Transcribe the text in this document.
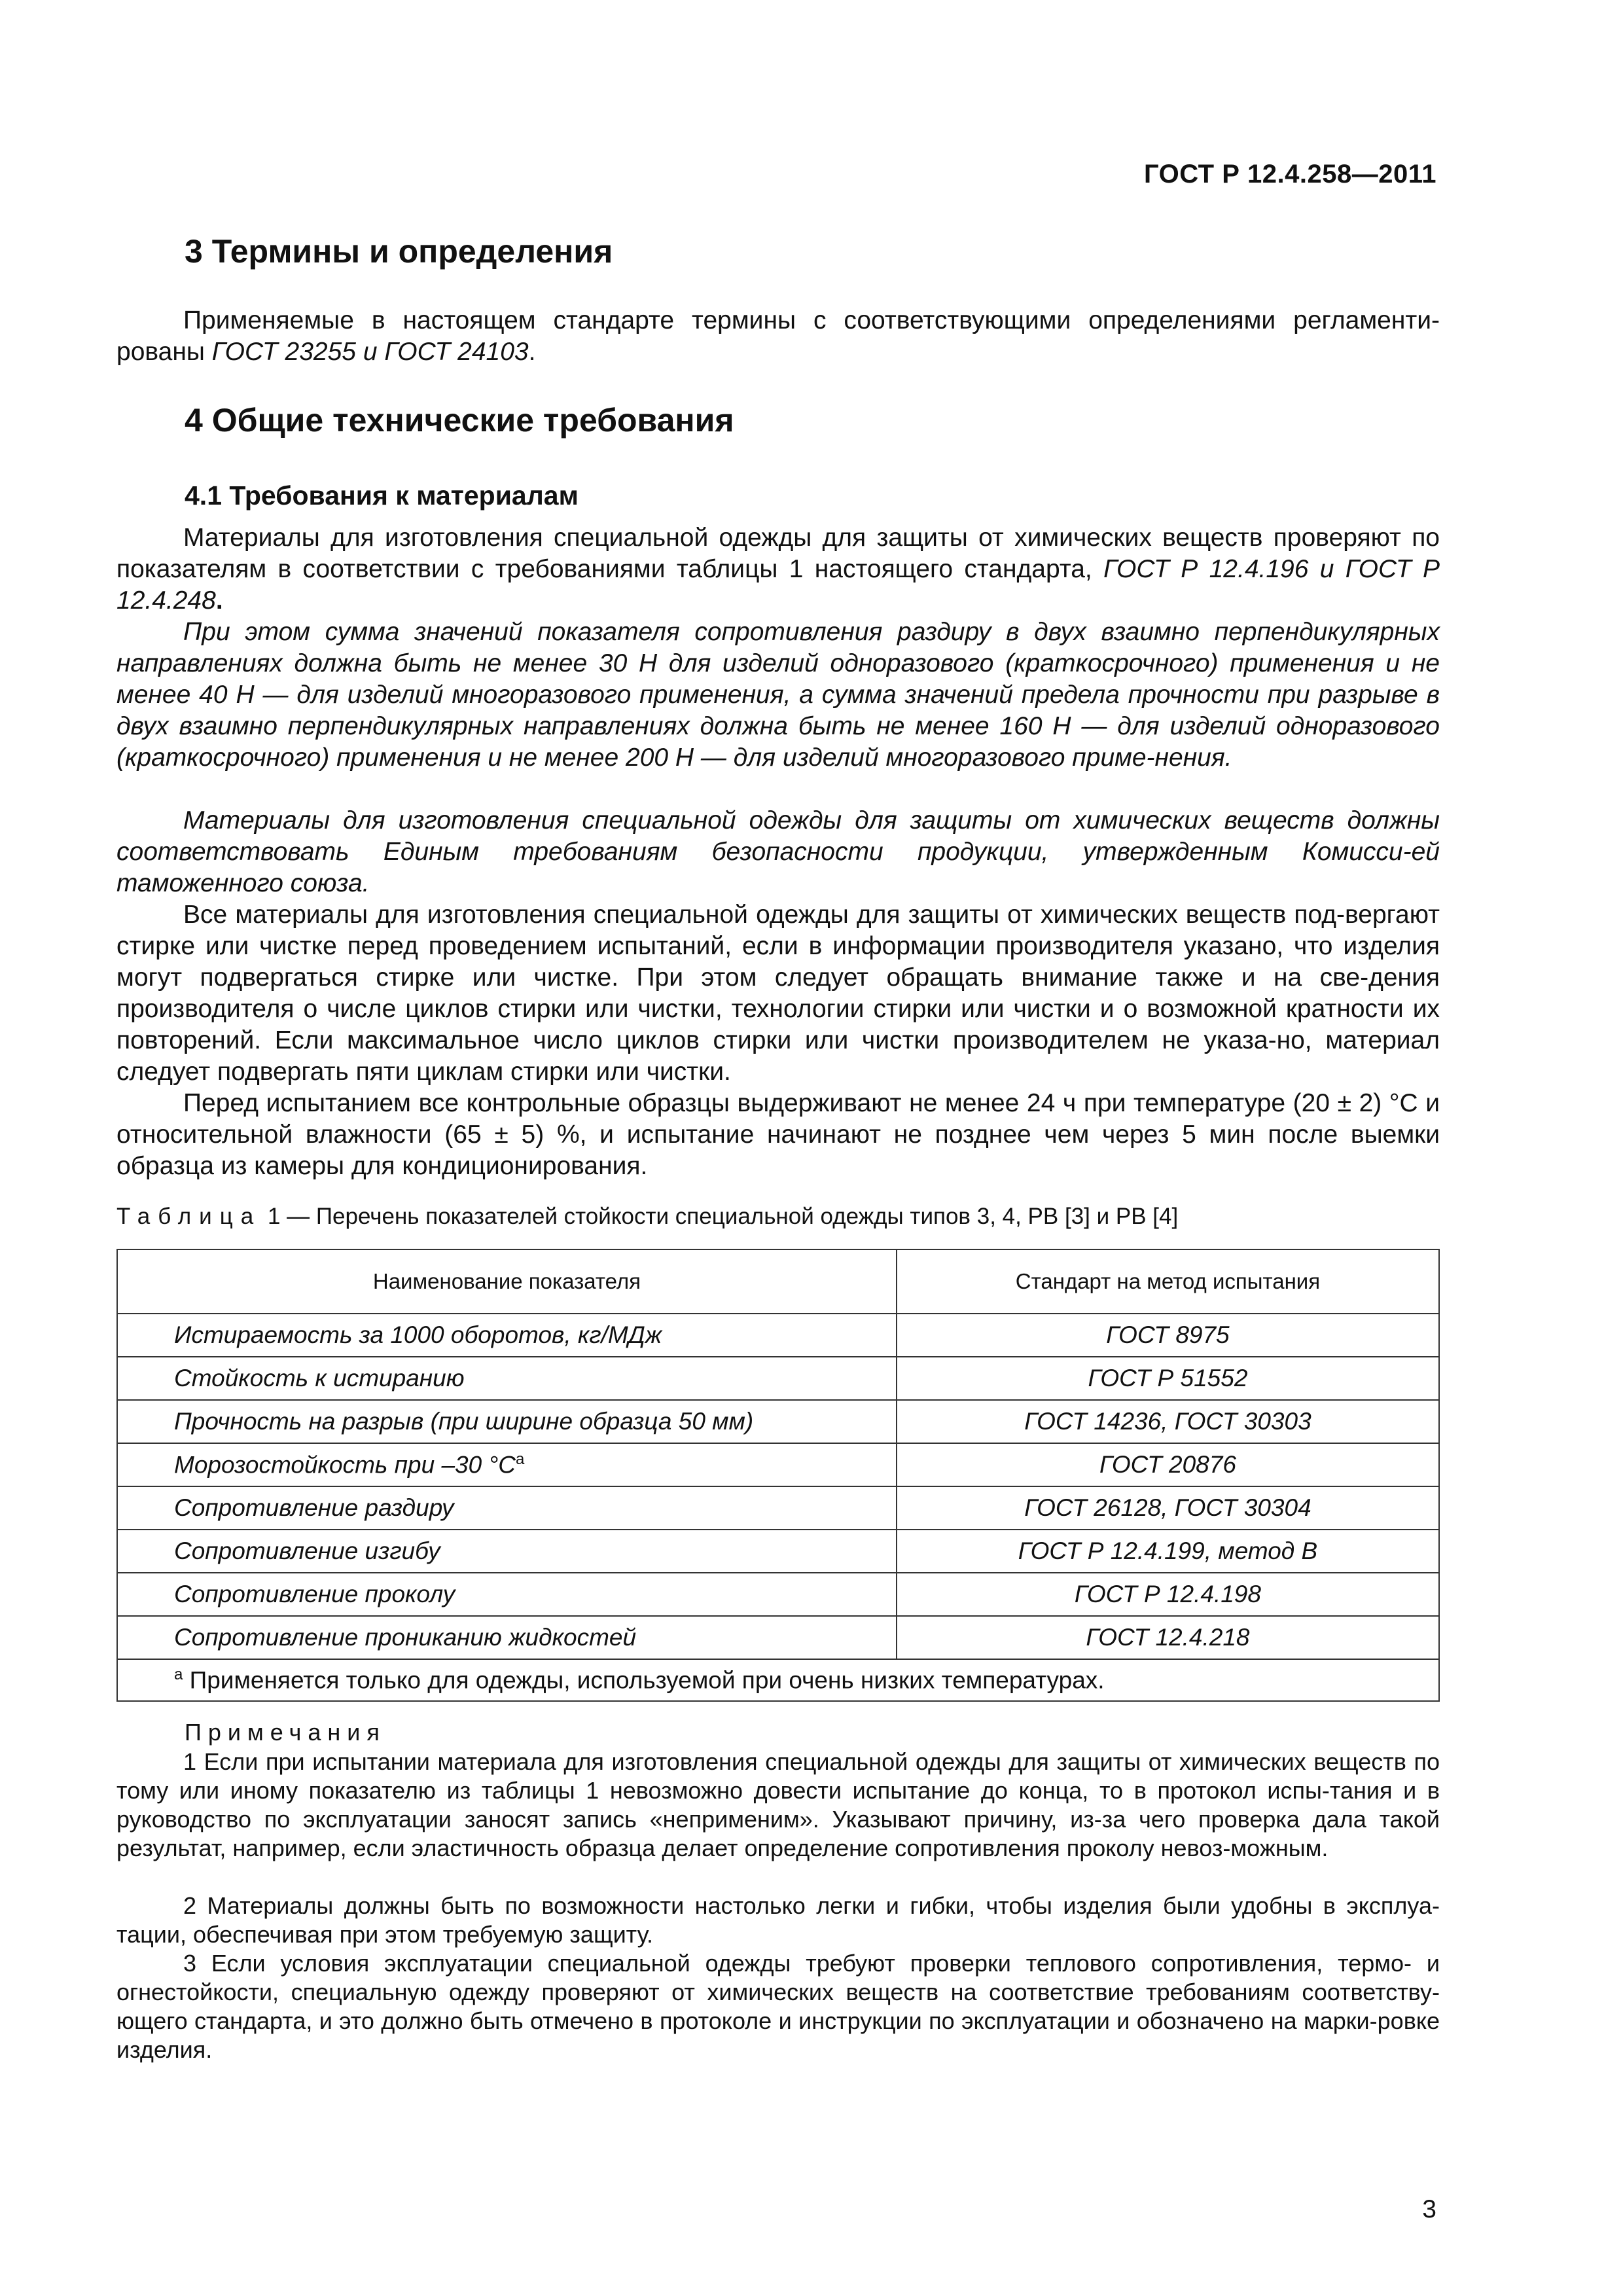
ГОСТ Р 12.4.258—2011
3 Термины и определения

Применяемые в настоящем стандарте термины с соответствующими определениями регламенти-рованы ГОСТ 23255 и ГОСТ 24103.

4 Общие технические требования
4.1 Требования к материалам

Материалы для изготовления специальной одежды для защиты от химических веществ проверяют по показателям в соответствии с требованиями таблицы 1 настоящего стандарта, ГОСТ Р 12.4.196 и ГОСТ Р 12.4.248.

При этом сумма значений показателя сопротивления раздиру в двух взаимно перпендикулярных направлениях должна быть не менее 30 Н для изделий одноразового (краткосрочного) применения и не менее 40 Н — для изделий многоразового применения, а сумма значений предела прочности при разрыве в двух взаимно перпендикулярных направлениях должна быть не менее 160 Н — для изделий одноразового (краткосрочного) применения и не менее 200 Н — для изделий многоразового приме-нения.

Материалы для изготовления специальной одежды для защиты от химических веществ должны соответствовать Единым требованиям безопасности продукции, утвержденным Комисси-ей таможенного союза.

Все материалы для изготовления специальной одежды для защиты от химических веществ под-вергают стирке или чистке перед проведением испытаний, если в информации производителя указано, что изделия могут подвергаться стирке или чистке. При этом следует обращать внимание также и на све-дения производителя о числе циклов стирки или чистки, технологии стирки или чистки и о возможной кратности их повторений. Если максимальное число циклов стирки или чистки производителем не указа-но, материал следует подвергать пяти циклам стирки или чистки.

Перед испытанием все контрольные образцы выдерживают не менее 24 ч при температуре (20 ± 2) °С и относительной влажности (65 ± 5) %, и испытание начинают не позднее чем через 5 мин после выемки образца из камеры для кондиционирования.

Таблица 1 — Перечень показателей стойкости специальной одежды типов 3, 4, PB [3] и PB [4]
Наименование показателя	Стандарт на метод испытания
Истираемость за 1000 оборотов, кг/МДж	ГОСТ 8975
Стойкость к истиранию	ГОСТ Р 51552
Прочность на разрыв (при ширине образца 50 мм)	ГОСТ 14236, ГОСТ 30303
Морозостойкость при –30 $^\circ С^а$	ГОСТ 20876
Сопротивление раздиру	ГОСТ 26128, ГОСТ 30304
Сопротивление изгибу	ГОСТ Р 12.4.199, метод В
Сопротивление проколу	ГОСТ Р 12.4.198
Сопротивление прониканию жидкостей	ГОСТ 12.4.218
$^а$ Применяется только для одежды, используемой при очень низких температурах.	
Примечания

1 Если при испытании материала для изготовления специальной одежды для защиты от химических веществ по тому или иному показателю из таблицы 1 невозможно довести испытание до конца, то в протокол испы-тания и в руководство по эксплуатации заносят запись «неприменим». Указывают причину, из-за чего проверка дала такой результат, например, если эластичность образца делает определение сопротивления проколу невоз-можным.

2 Материалы должны быть по возможности настолько легки и гибки, чтобы изделия были удобны в эксплуа-тации, обеспечивая при этом требуемую защиту.

3 Если условия эксплуатации специальной одежды требуют проверки теплового сопротивления, термо- и огнестойкости, специальную одежду проверяют от химических веществ на соответствие требованиям соответству-ющего стандарта, и это должно быть отмечено в протоколе и инструкции по эксплуатации и обозначено на марки-ровке изделия.

3
